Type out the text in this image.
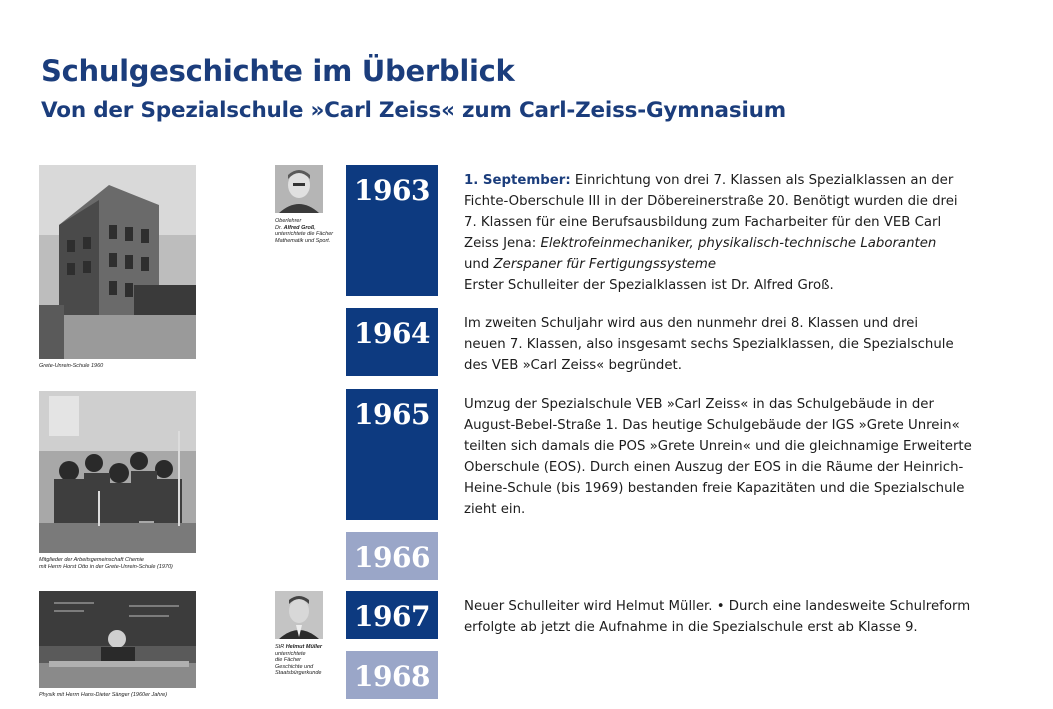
Schulgeschichte im Überblick
Von der Spezialschule »Carl Zeiss« zum Carl-Zeiss-Gymnasium
Grete-Unrein-Schule 1960
Mitglieder der Arbeitsgemeinschaft Chemie
mit Herrn Horst Otto in der Grete-Unrein-Schule (1970)
Physik mit Herrn Hans-Dieter Sänger (1960er Jahre)
Oberlehrer
Dr. Alfred Groß,
unterrichtete die Fächer
Mathematik und Sport.
StR Helmut Müller
unterrichtete
die Fächer
Geschichte und
Staatsbürgerkunde
1963
1964
1965
1966
1967
1968

1. September: Einrichtung von drei 7. Klassen als Spezialklassen an der

Fichte-Oberschule III in der Döbereinerstraße 20. Benötigt wurden die drei

7. Klassen für eine Berufsausbildung zum Facharbeiter für den VEB Carl

Zeiss Jena: Elektrofeinmechaniker, physikalisch-technische Laboranten

und Zerspaner für Fertigungssysteme

Erster Schulleiter der Spezialklassen ist Dr. Alfred Groß.

Im zweiten Schuljahr wird aus den nunmehr drei 8. Klassen und drei

neuen 7. Klassen, also insgesamt sechs Spezialklassen, die Spezialschule

des VEB »Carl Zeiss« begründet.

Umzug der Spezialschule VEB »Carl Zeiss« in das Schulgebäude in der

August-Bebel-Straße 1. Das heutige Schulgebäude der IGS »Grete Unrein«

teilten sich damals die POS »Grete Unrein« und die gleichnamige Erweiterte

Oberschule (EOS). Durch einen Auszug der EOS in die Räume der Heinrich-

Heine-Schule (bis 1969) bestanden freie Kapazitäten und die Spezialschule

zieht ein.

Neuer Schulleiter wird Helmut Müller. • Durch eine landesweite Schulreform

erfolgte ab jetzt die Aufnahme in die Spezialschule erst ab Klasse 9.
